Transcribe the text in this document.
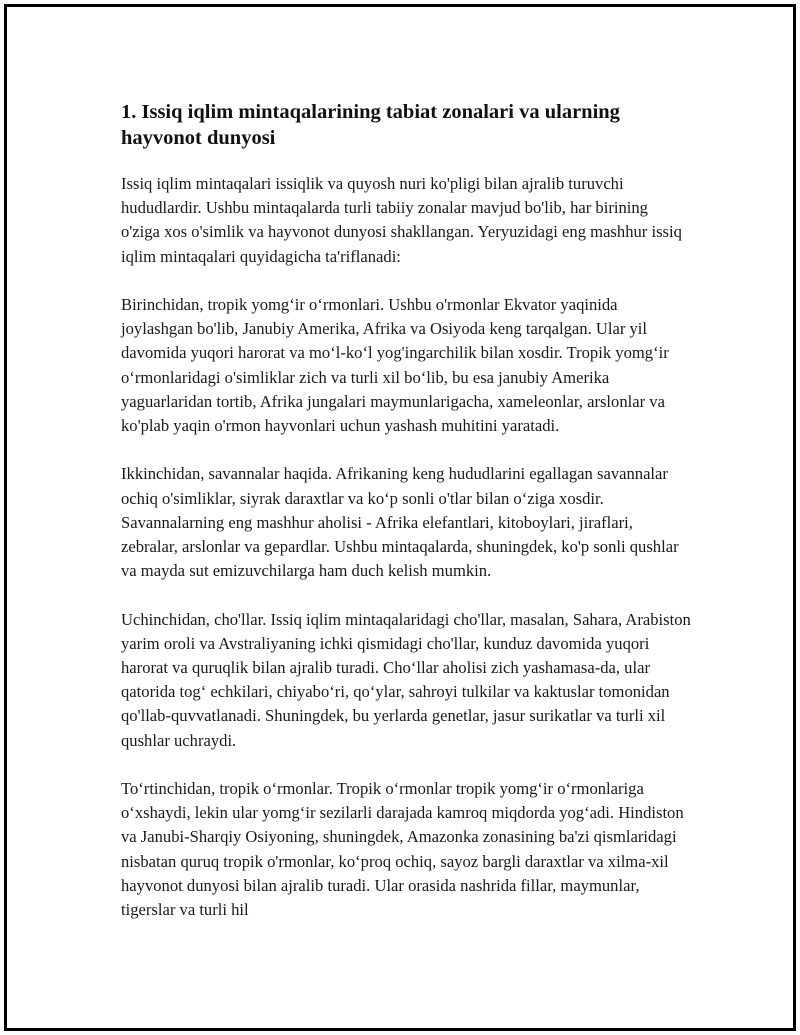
1. Issiq iqlim mintaqalarining tabiat zonalari va ularning hayvonot dunyosi

Issiq iqlim mintaqalari issiqlik va quyosh nuri ko'pligi bilan ajralib turuvchi hududlardir. Ushbu mintaqalarda turli tabiiy zonalar mavjud bo'lib, har birining o'ziga xos o'simlik va hayvonot dunyosi shakllangan. Yeryuzidagi eng mashhur issiq iqlim mintaqalari quyidagicha ta'riflanadi:

Birinchidan, tropik yomg‘ir o‘rmonlari. Ushbu o'rmonlar Ekvator yaqinida joylashgan bo'lib, Janubiy Amerika, Afrika va Osiyoda keng tarqalgan. Ular yil davomida yuqori harorat va mo‘l-ko‘l yog'ingarchilik bilan xosdir. Tropik yomg‘ir o‘rmonlaridagi o'simliklar zich va turli xil bo‘lib, bu esa janubiy Amerika yaguarlaridan tortib, Afrika jungalari maymunlarigacha, xameleonlar, arslonlar va ko'plab yaqin o'rmon hayvonlari uchun yashash muhitini yaratadi.

Ikkinchidan, savannalar haqida. Afrikaning keng hududlarini egallagan savannalar ochiq o'simliklar, siyrak daraxtlar va ko‘p sonli o'tlar bilan o‘ziga xosdir. Savannalarning eng mashhur aholisi - Afrika elefantlari, kitoboylari, jiraflari, zebralar, arslonlar va gepardlar. Ushbu mintaqalarda, shuningdek, ko'p sonli qushlar va mayda sut emizuvchilarga ham duch kelish mumkin.

Uchinchidan, cho'llar. Issiq iqlim mintaqalaridagi cho'llar, masalan, Sahara, Arabiston yarim oroli va Avstraliyaning ichki qismidagi cho'llar, kunduz davomida yuqori harorat va quruqlik bilan ajralib turadi. Cho‘llar aholisi zich yashamasa-da, ular qatorida tog‘ echkilari, chiyabo‘ri, qo‘ylar, sahroyi tulkilar va kaktuslar tomonidan qo'llab-quvvatlanadi. Shuningdek, bu yerlarda genetlar, jasur surikatlar va turli xil qushlar uchraydi.

To‘rtinchidan, tropik o‘rmonlar. Tropik o‘rmonlar tropik yomg‘ir o‘rmonlariga o‘xshaydi, lekin ular yomg‘ir sezilarli darajada kamroq miqdorda yog‘adi. Hindiston va Janubi-Sharqiy Osiyoning, shuningdek, Amazonka zonasining ba'zi qismlaridagi nisbatan quruq tropik o'rmonlar, ko‘proq ochiq, sayoz bargli daraxtlar va xilma-xil hayvonot dunyosi bilan ajralib turadi. Ular orasida nashrida fillar, maymunlar, tigerslar va turli hil
